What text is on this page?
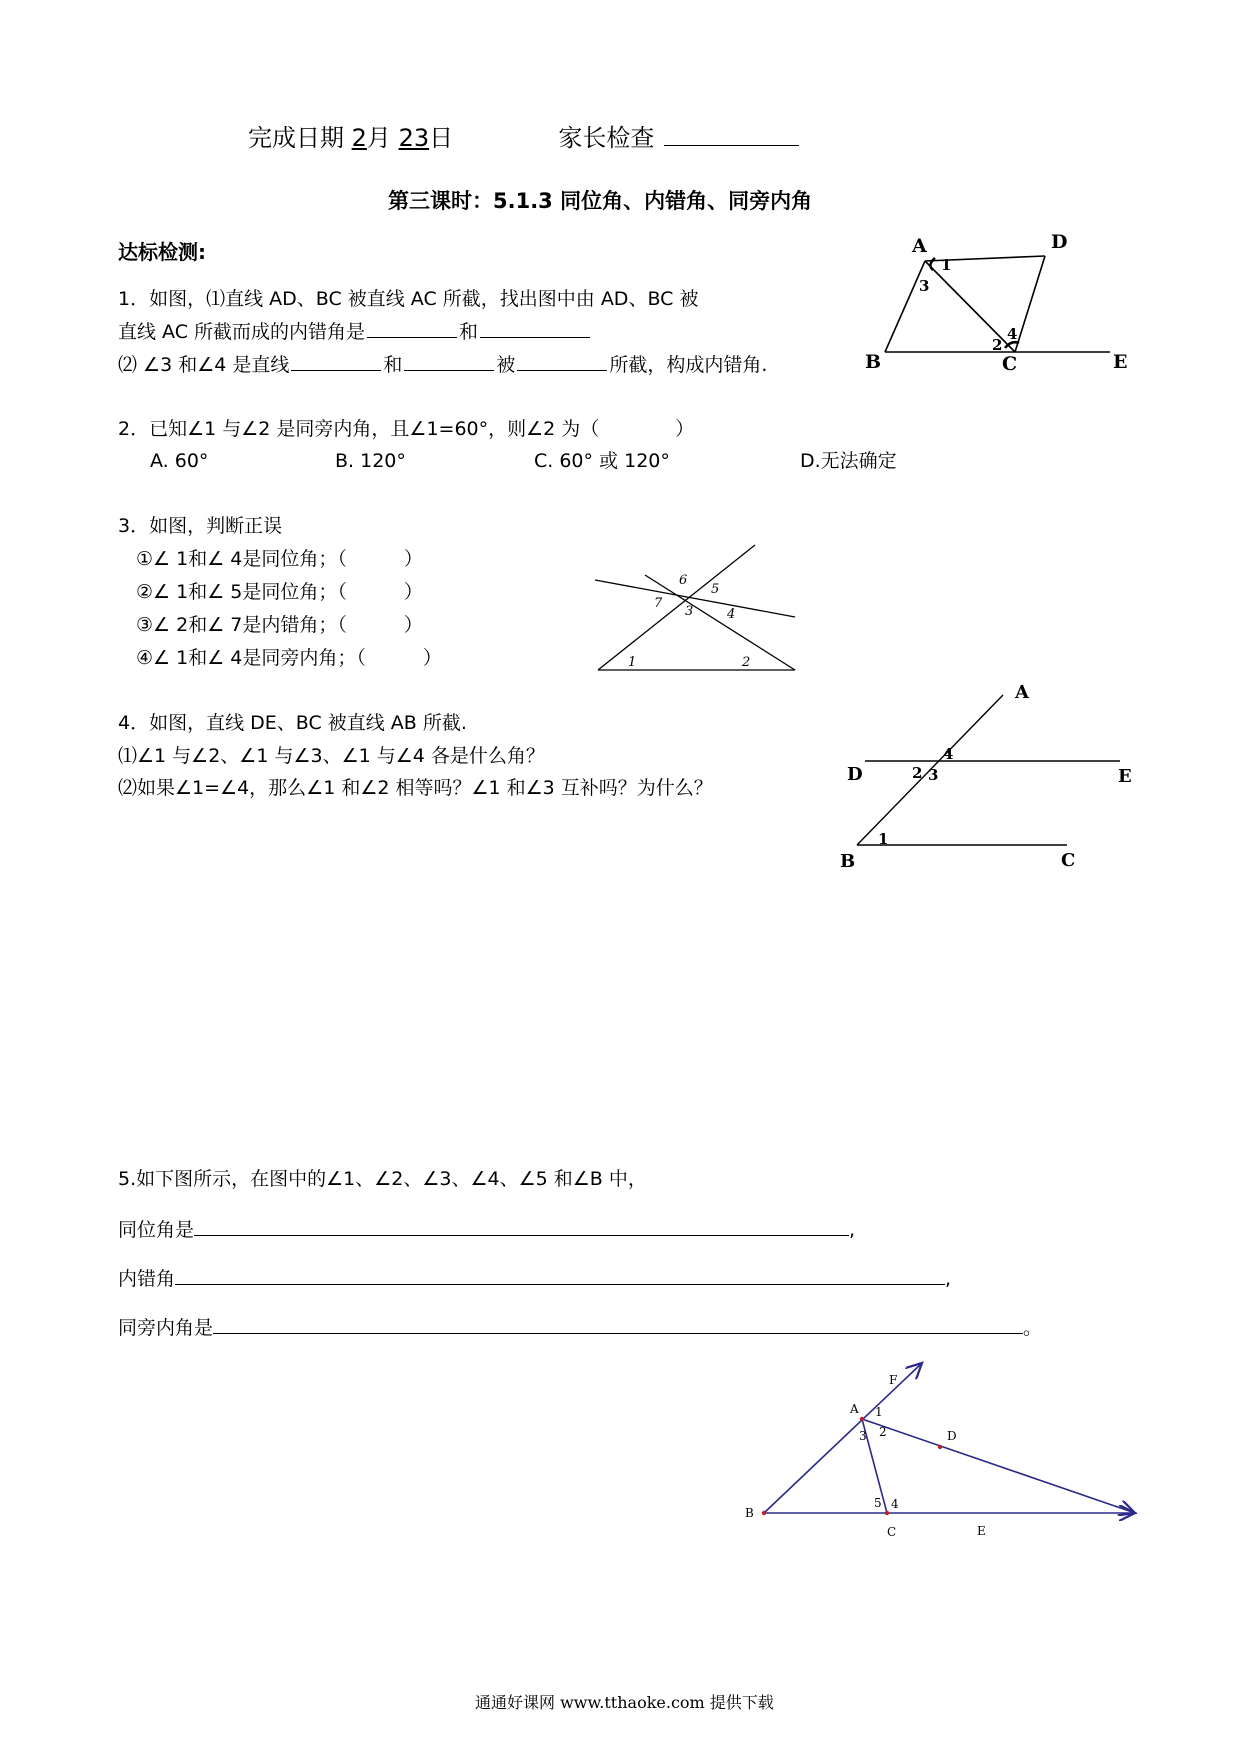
完成日期 2月 23日	家长检查
第三课时：5.1.3 同位角、内错角、同旁内角
达标检测:
1．如图，⑴直线 AD、BC 被直线 AC 所截，找出图中由 AD、BC 被
直线 AC 所截而成的内错角是	和
⑵ ∠3 和∠4 是直线	和	被	所截，构成内错角.
A	D
B	C	E
1
3
2
4
2．已知∠1 与∠2 是同旁内角，且∠1=60°，则∠2 为（　　　　）
A. 60°	B. 120°	C. 60° 或 120°	D.无法确定
3．如图，判断正误
①∠ 1和∠ 4是同位角；（　　　）
②∠ 1和∠ 5是同位角；（　　　）
③∠ 2和∠ 7是内错角；（　　　）
④∠ 1和∠ 4是同旁内角；（　　　）
6
5
7
3	4
1	2
4．如图，直线 DE、BC 被直线 AB 所截.
⑴∠1 与∠2、∠1 与∠3、∠1 与∠4 各是什么角？
⑵如果∠1=∠4，那么∠1 和∠2 相等吗？∠1 和∠3 互补吗？为什么？
A
D	E
B	C
1
2 3
4
5.如下图所示，在图中的∠1、∠2、∠3、∠4、∠5 和∠B 中，
同位角是	,
内错角	,
同旁内角是	。
F
A
D
B
C	E
1
2
3
4
5
通通好课网 www.tthaoke.com 提供下载
